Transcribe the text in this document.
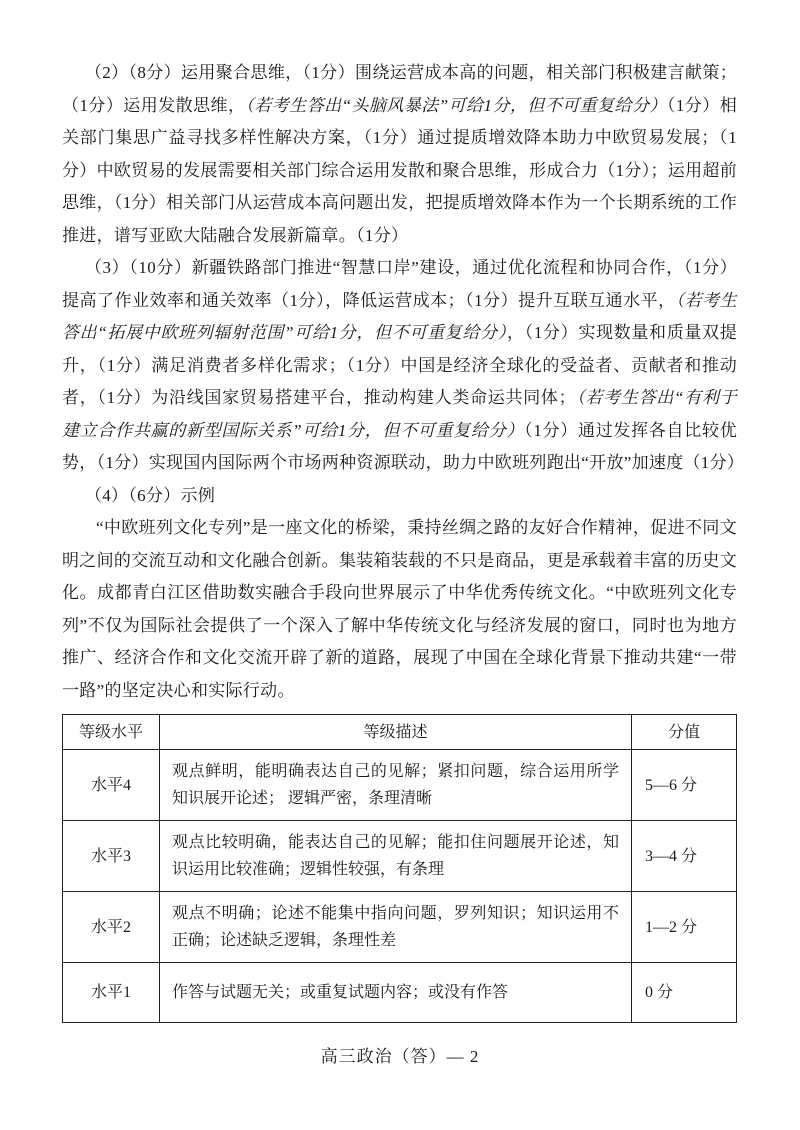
（2）（8分）运用聚合思维，（1分）围绕运营成本高的问题，相关部门积极建言献策；（1分）运用发散思维，（若考生答出“头脑风暴法”可给1分，但不可重复给分）（1分）相关部门集思广益寻找多样性解决方案，（1分）通过提质增效降本助力中欧贸易发展；（1分）中欧贸易的发展需要相关部门综合运用发散和聚合思维，形成合力（1分）；运用超前思维，（1分）相关部门从运营成本高问题出发，把提质增效降本作为一个长期系统的工作推进，谱写亚欧大陆融合发展新篇章。（1分）

（3）（10分）新疆铁路部门推进“智慧口岸”建设，通过优化流程和协同合作，（1分）提高了作业效率和通关效率（1分），降低运营成本；（1分）提升互联互通水平，（若考生答出“拓展中欧班列辐射范围”可给1分，但不可重复给分），（1分）实现数量和质量双提升，（1分）满足消费者多样化需求；（1分）中国是经济全球化的受益者、贡献者和推动者，（1分）为沿线国家贸易搭建平台，推动构建人类命运共同体；（若考生答出“有利于建立合作共赢的新型国际关系”可给1分，但不可重复给分）（1分）通过发挥各自比较优势，（1分）实现国内国际两个市场两种资源联动，助力中欧班列跑出“开放”加速度（1分）

（4）（6分）示例

“中欧班列文化专列”是一座文化的桥梁，秉持丝绸之路的友好合作精神，促进不同文明之间的交流互动和文化融合创新。集装箱装载的不只是商品，更是承载着丰富的历史文化。成都青白江区借助数实融合手段向世界展示了中华优秀传统文化。“中欧班列文化专列”不仅为国际社会提供了一个深入了解中华传统文化与经济发展的窗口，同时也为地方推广、经济合作和文化交流开辟了新的道路，展现了中国在全球化背景下推动共建“一带一路”的坚定决心和实际行动。

等级水平	等级描述	分值
水平4	观点鲜明，能明确表达自己的见解；紧扣问题，综合运用所学知识展开论述； 逻辑严密，条理清晰	5—6 分
水平3	观点比较明确，能表达自己的见解；能扣住问题展开论述，知识运用比较准确；逻辑性较强，有条理	3—4 分
水平2	观点不明确；论述不能集中指向问题，罗列知识；知识运用不正确；论述缺乏逻辑，条理性差	1—2 分
水平1	作答与试题无关；或重复试题内容；或没有作答	0 分
高三政治（答）— 2
